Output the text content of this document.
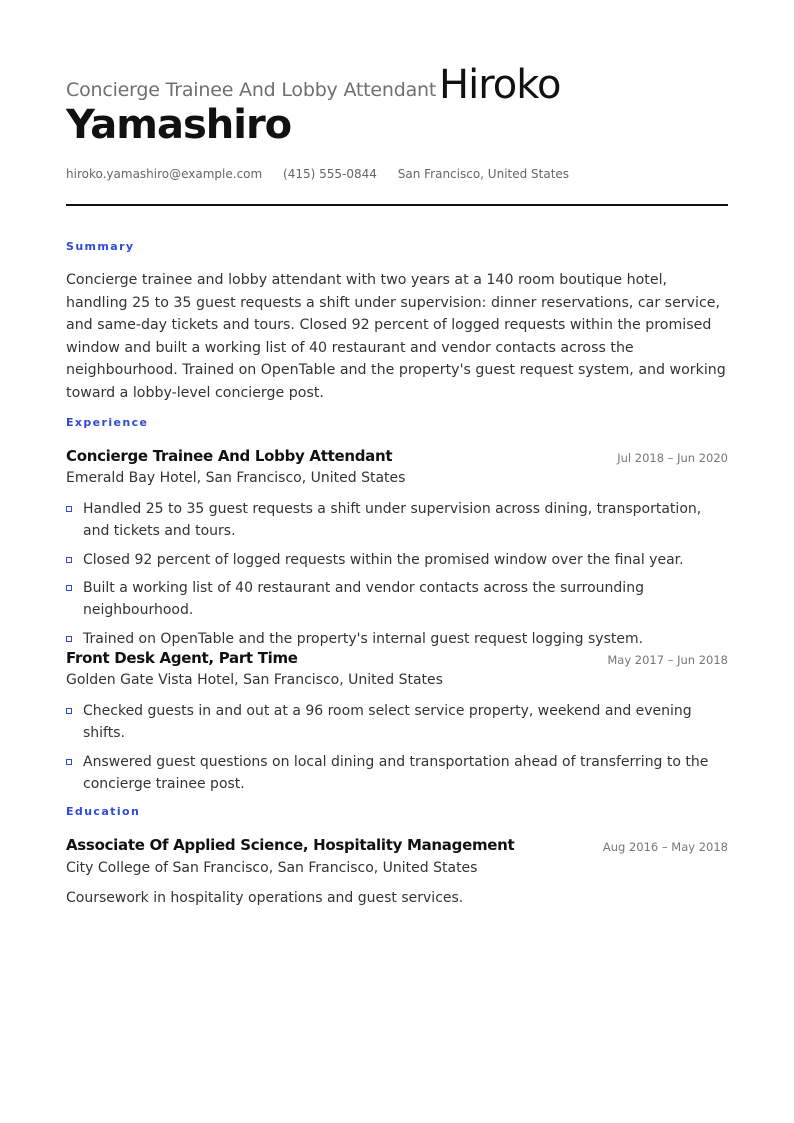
Concierge Trainee And Lobby Attendant Hiroko
Yamashiro
hiroko.yamashiro@example.com (415) 555-0844 San Francisco, United States
Summary
Concierge trainee and lobby attendant with two years at a 140 room boutique hotel, handling 25 to 35 guest requests a shift under supervision: dinner reservations, car service, and same-day tickets and tours. Closed 92 percent of logged requests within the promised window and built a working list of 40 restaurant and vendor contacts across the neighbourhood. Trained on OpenTable and the property's guest request system, and working toward a lobby-level concierge post.
Experience
Concierge Trainee And Lobby Attendant	Jul 2018 – Jun 2020
Emerald Bay Hotel, San Francisco, United States
Handled 25 to 35 guest requests a shift under supervision across dining, transportation, and tickets and tours.
Closed 92 percent of logged requests within the promised window over the final year.
Built a working list of 40 restaurant and vendor contacts across the surrounding neighbourhood.
Trained on OpenTable and the property's internal guest request logging system.
Front Desk Agent, Part Time	May 2017 – Jun 2018
Golden Gate Vista Hotel, San Francisco, United States
Checked guests in and out at a 96 room select service property, weekend and evening shifts.
Answered guest questions on local dining and transportation ahead of transferring to the concierge trainee post.
Education
Associate Of Applied Science, Hospitality Management	Aug 2016 – May 2018
City College of San Francisco, San Francisco, United States
Coursework in hospitality operations and guest services.
